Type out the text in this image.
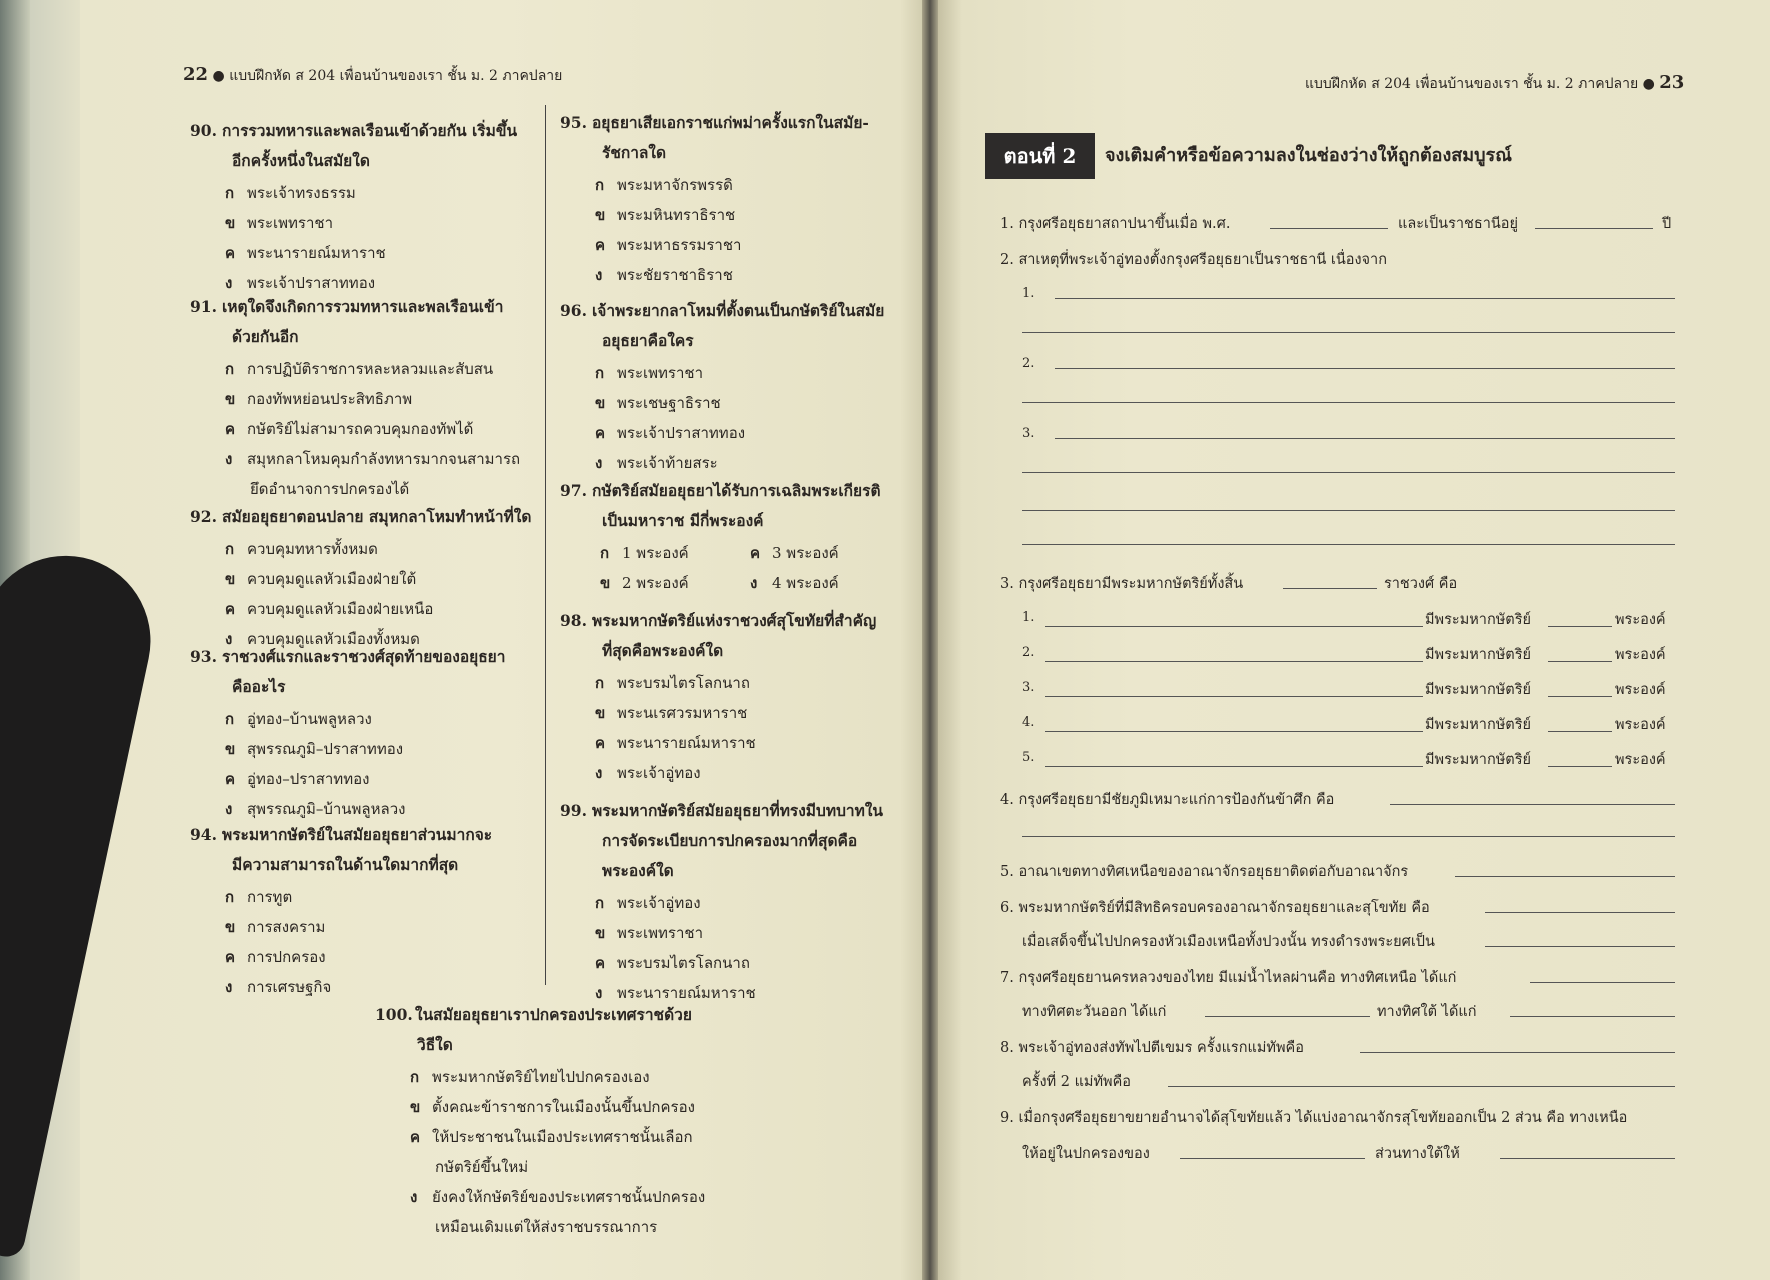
22 ● แบบฝึกหัด ส 204 เพื่อนบ้านของเรา ชั้น ม. 2 ภาคปลาย
90. การรวมทหารและพลเรือนเข้าด้วยกัน เริ่มขึ้น
อีกครั้งหนึ่งในสมัยใด
ก พระเจ้าทรงธรรม
ข พระเพทราชา
ค พระนารายณ์มหาราช
ง พระเจ้าปราสาททอง
91. เหตุใดจึงเกิดการรวมทหารและพลเรือนเข้า
ด้วยกันอีก
ก การปฏิบัติราชการหละหลวมและสับสน
ข กองทัพหย่อนประสิทธิภาพ
ค กษัตริย์ไม่สามารถควบคุมกองทัพได้
ง สมุหกลาโหมคุมกำลังทหารมากจนสามารถ
ยึดอำนาจการปกครองได้
92. สมัยอยุธยาตอนปลาย สมุหกลาโหมทำหน้าที่ใด
ก ควบคุมทหารทั้งหมด
ข ควบคุมดูแลหัวเมืองฝ่ายใต้
ค ควบคุมดูแลหัวเมืองฝ่ายเหนือ
ง ควบคุมดูแลหัวเมืองทั้งหมด
93. ราชวงศ์แรกและราชวงศ์สุดท้ายของอยุธยา
คืออะไร
ก อู่ทอง–บ้านพลูหลวง
ข สุพรรณภูมิ–ปราสาททอง
ค อู่ทอง–ปราสาททอง
ง สุพรรณภูมิ–บ้านพลูหลวง
94. พระมหากษัตริย์ในสมัยอยุธยาส่วนมากจะ
มีความสามารถในด้านใดมากที่สุด
ก การทูต
ข การสงคราม
ค การปกครอง
ง การเศรษฐกิจ
95. อยุธยาเสียเอกราชแก่พม่าครั้งแรกในสมัย-
รัชกาลใด
ก พระมหาจักรพรรดิ
ข พระมหินทราธิราช
ค พระมหาธรรมราชา
ง พระชัยราชาธิราช
96. เจ้าพระยากลาโหมที่ตั้งตนเป็นกษัตริย์ในสมัย
อยุธยาคือใคร
ก พระเพทราชา
ข พระเชษฐาธิราช
ค พระเจ้าปราสาททอง
ง พระเจ้าท้ายสระ
97. กษัตริย์สมัยอยุธยาได้รับการเฉลิมพระเกียรติ
เป็นมหาราช มีกี่พระองค์
ก 1 พระองค์	ค 3 พระองค์
ข 2 พระองค์	ง 4 พระองค์
98. พระมหากษัตริย์แห่งราชวงศ์สุโขทัยที่สำคัญ
ที่สุดคือพระองค์ใด
ก พระบรมไตรโลกนาถ
ข พระนเรศวรมหาราช
ค พระนารายณ์มหาราช
ง พระเจ้าอู่ทอง
99. พระมหากษัตริย์สมัยอยุธยาที่ทรงมีบทบาทใน
การจัดระเบียบการปกครองมากที่สุดคือ
พระองค์ใด
ก พระเจ้าอู่ทอง
ข พระเพทราชา
ค พระบรมไตรโลกนาถ
ง พระนารายณ์มหาราช
100. ในสมัยอยุธยาเราปกครองประเทศราชด้วย
วิธีใด
ก พระมหากษัตริย์ไทยไปปกครองเอง
ข ตั้งคณะข้าราชการในเมืองนั้นขึ้นปกครอง
ค ให้ประชาชนในเมืองประเทศราชนั้นเลือก
กษัตริย์ขึ้นใหม่
ง ยังคงให้กษัตริย์ของประเทศราชนั้นปกครอง
เหมือนเดิมแต่ให้ส่งราชบรรณาการ
แบบฝึกหัด ส 204 เพื่อนบ้านของเรา ชั้น ม. 2 ภาคปลาย ● 23
ตอนที่ 2	จงเติมคำหรือข้อความลงในช่องว่างให้ถูกต้องสมบูรณ์
1. กรุงศรีอยุธยาสถาปนาขึ้นเมื่อ พ.ศ.	และเป็นราชธานีอยู่	ปี
2. สาเหตุที่พระเจ้าอู่ทองตั้งกรุงศรีอยุธยาเป็นราชธานี เนื่องจาก
1.
2.
3.
3. กรุงศรีอยุธยามีพระมหากษัตริย์ทั้งสิ้น	ราชวงศ์ คือ
1.	มีพระมหากษัตริย์	พระองค์
2.	มีพระมหากษัตริย์	พระองค์
3.	มีพระมหากษัตริย์	พระองค์
4.	มีพระมหากษัตริย์	พระองค์
5.	มีพระมหากษัตริย์	พระองค์
4. กรุงศรีอยุธยามีชัยภูมิเหมาะแก่การป้องกันข้าศึก คือ
5. อาณาเขตทางทิศเหนือของอาณาจักรอยุธยาติดต่อกับอาณาจักร
6. พระมหากษัตริย์ที่มีสิทธิครอบครองอาณาจักรอยุธยาและสุโขทัย คือ
เมื่อเสด็จขึ้นไปปกครองหัวเมืองเหนือทั้งปวงนั้น ทรงดำรงพระยศเป็น
7. กรุงศรีอยุธยานครหลวงของไทย มีแม่น้ำไหลผ่านคือ ทางทิศเหนือ ได้แก่
ทางทิศตะวันออก ได้แก่	ทางทิศใต้ ได้แก่
8. พระเจ้าอู่ทองส่งทัพไปตีเขมร ครั้งแรกแม่ทัพคือ
ครั้งที่ 2 แม่ทัพคือ
9. เมื่อกรุงศรีอยุธยาขยายอำนาจได้สุโขทัยแล้ว ได้แบ่งอาณาจักรสุโขทัยออกเป็น 2 ส่วน คือ ทางเหนือ
ให้อยู่ในปกครองของ	ส่วนทางใต้ให้
